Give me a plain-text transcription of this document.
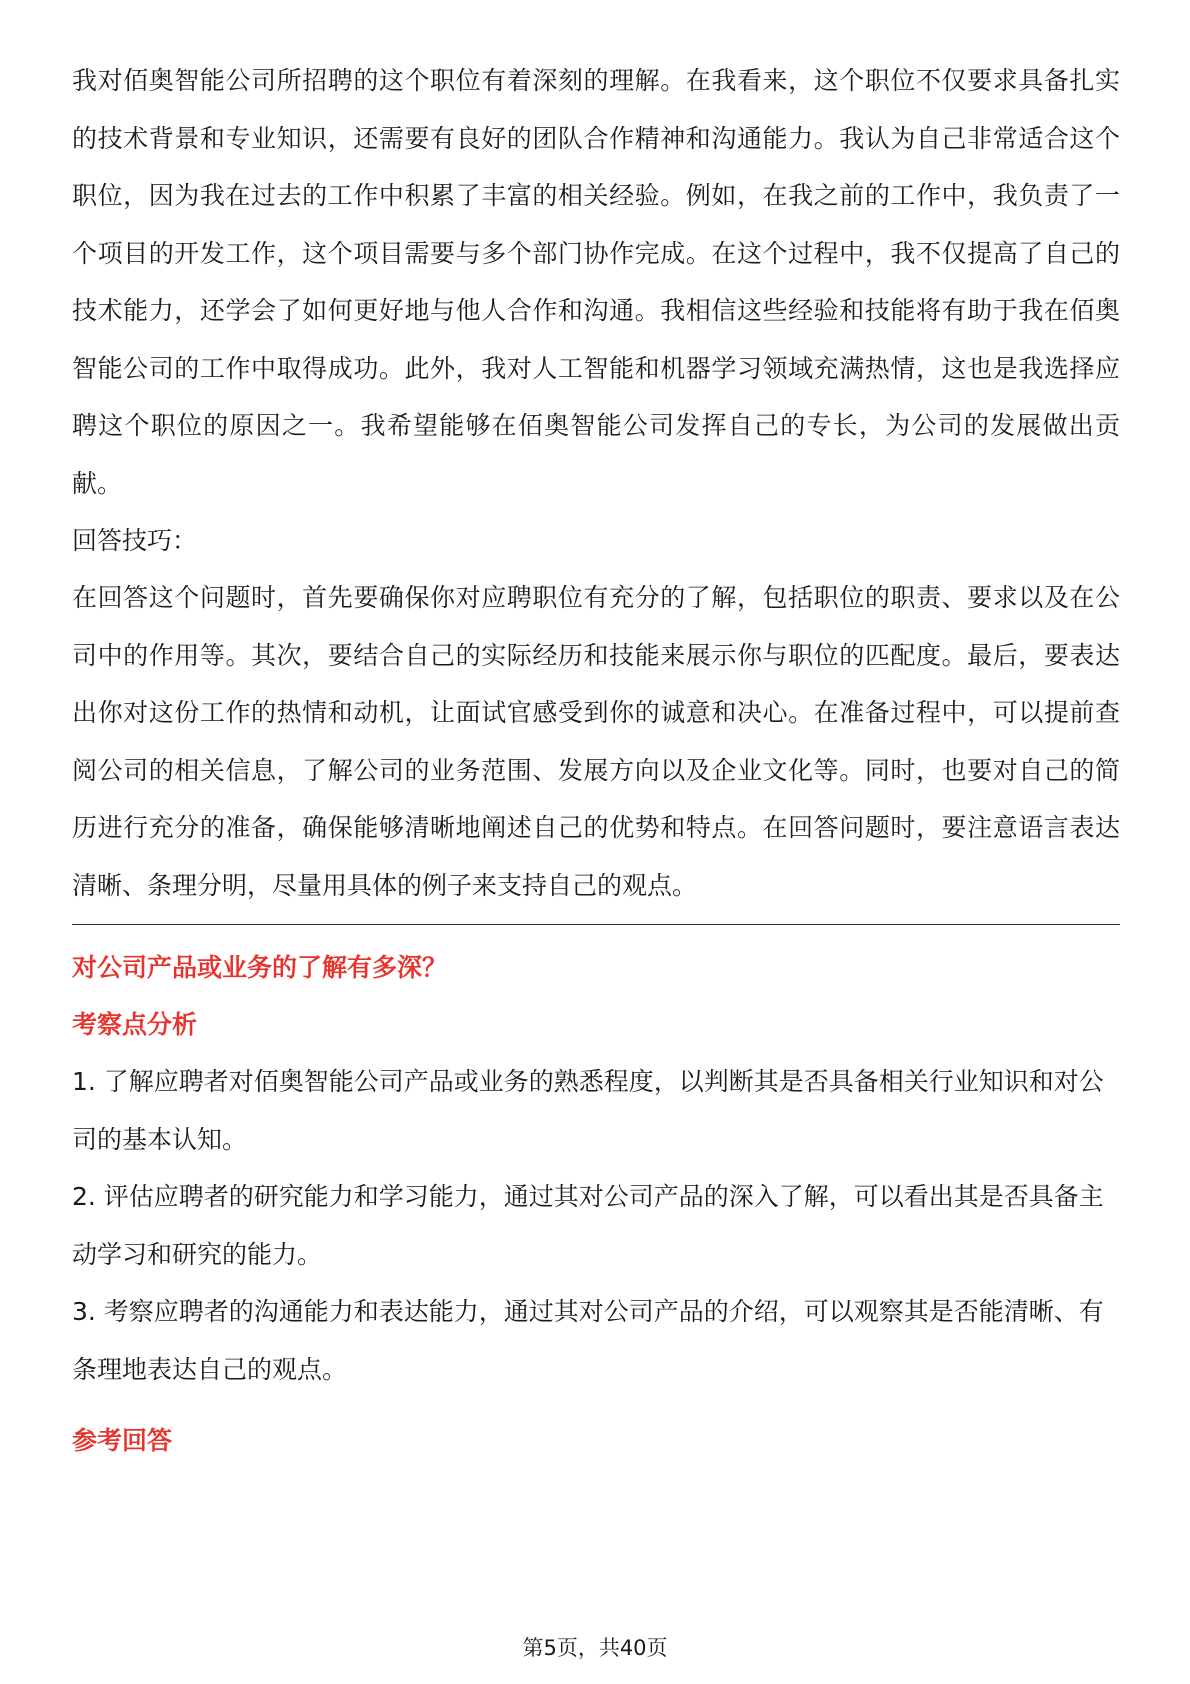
我对佰奥智能公司所招聘的这个职位有着深刻的理解。在我看来，这个职位不仅要求具备扎实的技术背景和专业知识，还需要有良好的团队合作精神和沟通能力。我认为自己非常适合这个职位，因为我在过去的工作中积累了丰富的相关经验。例如，在我之前的工作中，我负责了一个项目的开发工作，这个项目需要与多个部门协作完成。在这个过程中，我不仅提高了自己的技术能力，还学会了如何更好地与他人合作和沟通。我相信这些经验和技能将有助于我在佰奥智能公司的工作中取得成功。此外，我对人工智能和机器学习领域充满热情，这也是我选择应聘这个职位的原因之一。我希望能够在佰奥智能公司发挥自己的专长，为公司的发展做出贡献。

回答技巧：

在回答这个问题时，首先要确保你对应聘职位有充分的了解，包括职位的职责、要求以及在公司中的作用等。其次，要结合自己的实际经历和技能来展示你与职位的匹配度。最后，要表达出你对这份工作的热情和动机，让面试官感受到你的诚意和决心。在准备过程中，可以提前查阅公司的相关信息，了解公司的业务范围、发展方向以及企业文化等。同时，也要对自己的简历进行充分的准备，确保能够清晰地阐述自己的优势和特点。在回答问题时，要注意语言表达清晰、条理分明，尽量用具体的例子来支持自己的观点。

对公司产品或业务的了解有多深？

考察点分析

1. 了解应聘者对佰奥智能公司产品或业务的熟悉程度，以判断其是否具备相关行业知识和对公司的基本认知。

2. 评估应聘者的研究能力和学习能力，通过其对公司产品的深入了解，可以看出其是否具备主动学习和研究的能力。

3. 考察应聘者的沟通能力和表达能力，通过其对公司产品的介绍，可以观察其是否能清晰、有条理地表达自己的观点。

参考回答

第5页，共40页
